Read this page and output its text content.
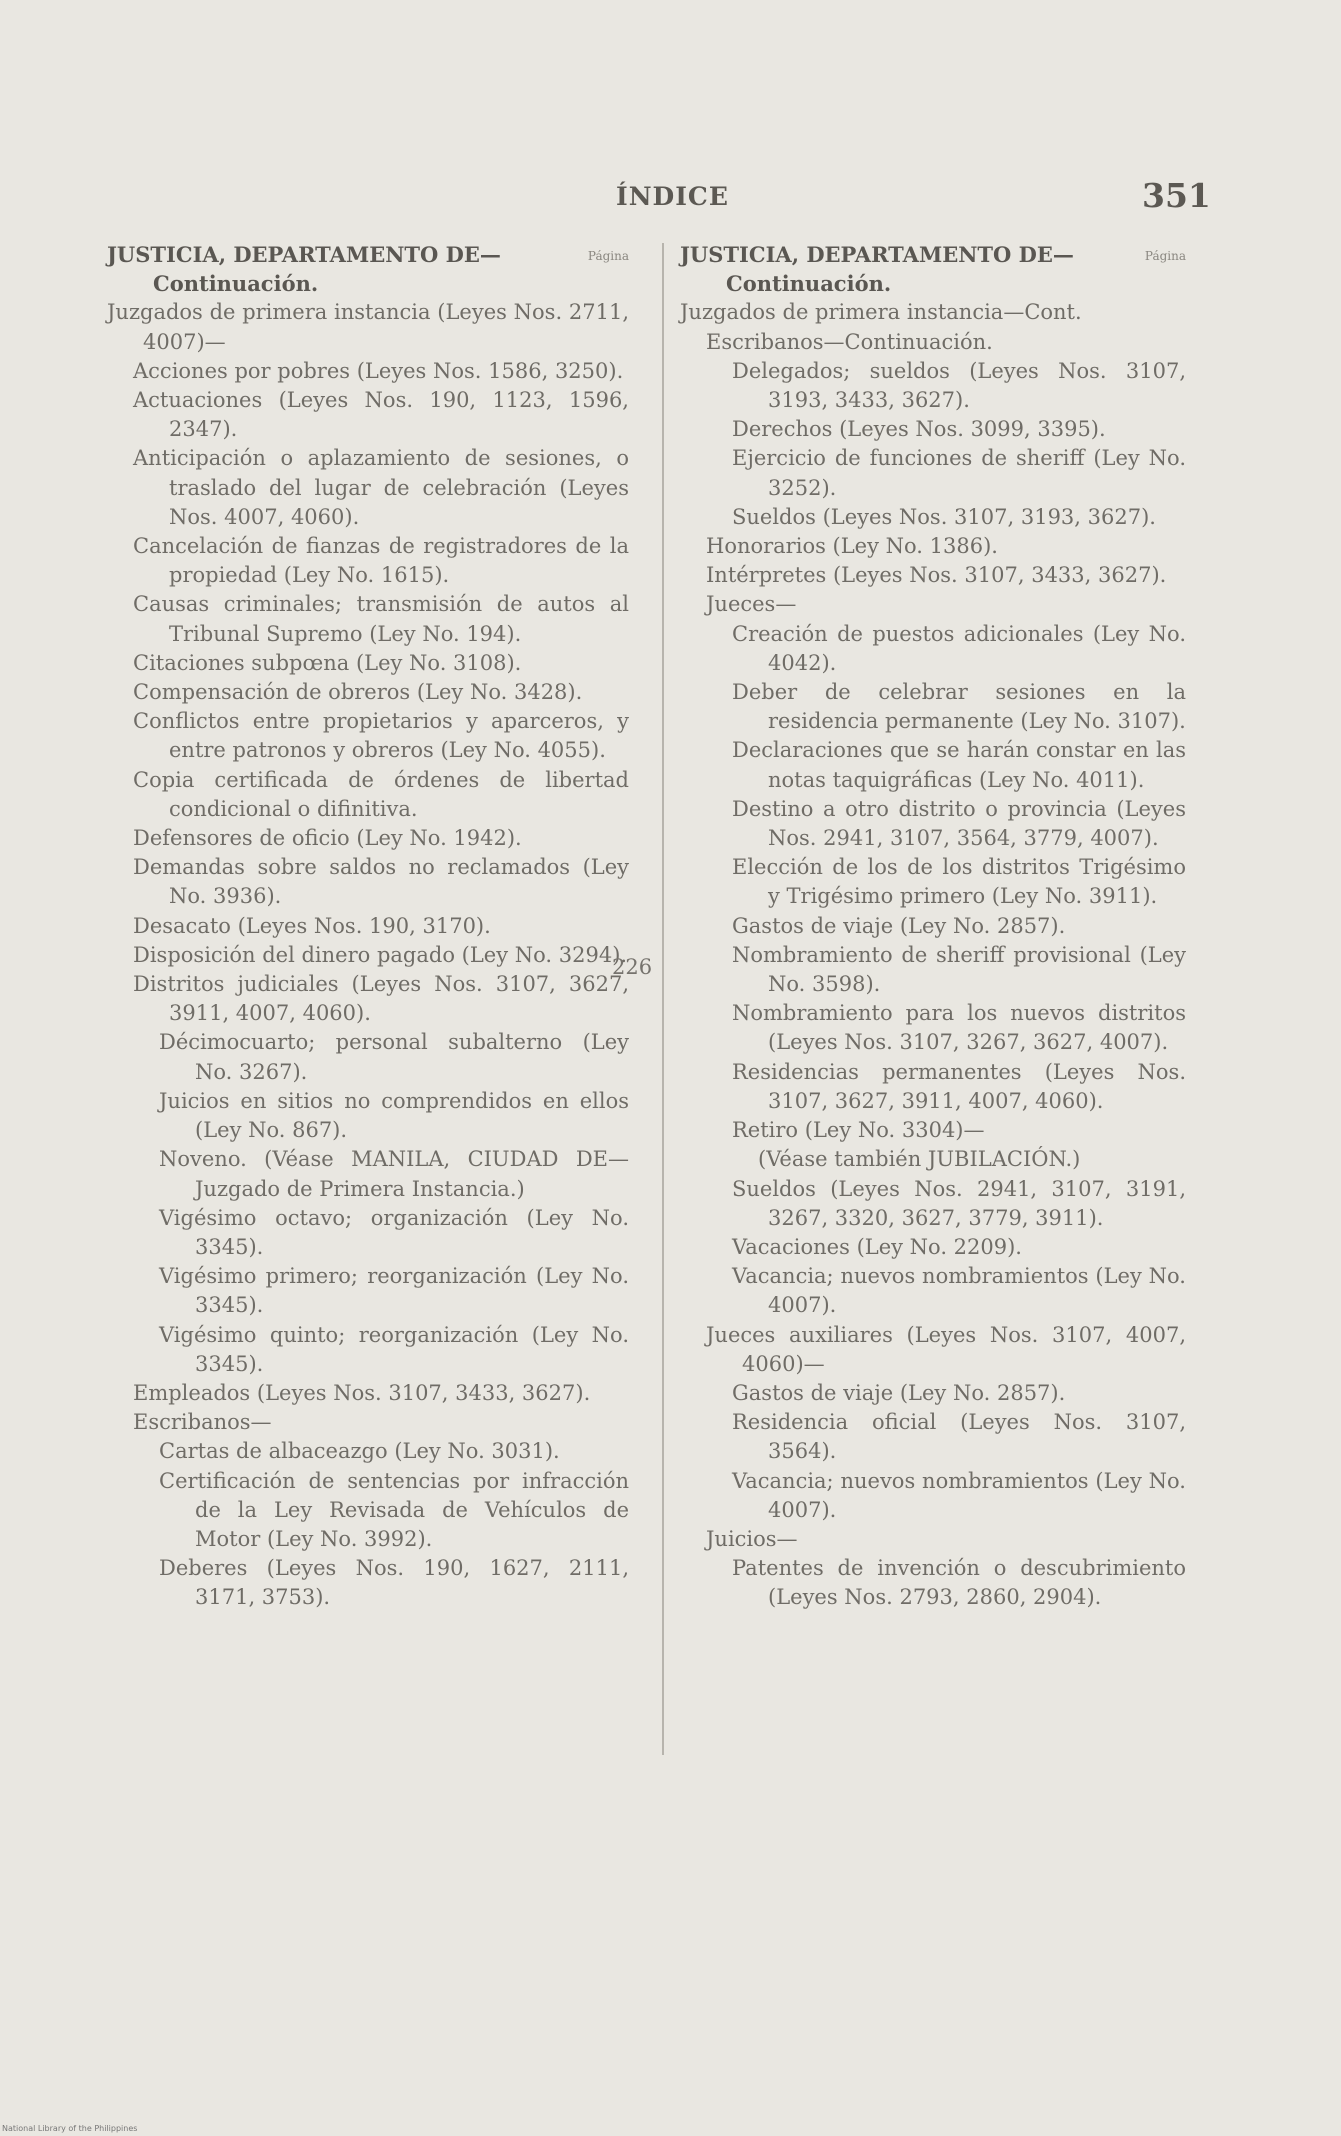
ÍNDICE	351
JUSTICIA, DEPARTAMENTO DE—	Página
Continuación.
Juzgados de primera instancia (Leyes Nos. 2711, 4007)—
Acciones por pobres (Leyes Nos. 1586, 3250).
Actuaciones (Leyes Nos. 190, 1123, 1596, 2347).
Anticipación o aplazamiento de sesiones, o traslado del lugar de celebración (Leyes Nos. 4007, 4060).
Cancelación de fianzas de registradores de la propiedad (Ley No. 1615).
Causas criminales; transmisión de autos al Tribunal Supremo (Ley No. 194).
Citaciones subpœna (Ley No. 3108).
Compensación de obreros (Ley No. 3428).
Conflictos entre propietarios y aparceros, y entre patronos y obreros (Ley No. 4055).
Copia certificada de órdenes de libertad condicional o difinitiva.
Defensores de oficio (Ley No. 1942).
Demandas sobre saldos no reclamados (Ley No. 3936).
Desacato (Leyes Nos. 190, 3170).
Disposición del dinero pagado (Ley No. 3294).
Distritos judiciales (Leyes Nos. 3107, 3627, 3911, 4007, 4060).
Décimocuarto; personal subalterno (Ley No. 3267).
Juicios en sitios no comprendidos en ellos (Ley No. 867).
Noveno. (Véase MANILA, CIUDAD DE—Juzgado de Primera Instancia.)
Vigésimo octavo; organización (Ley No. 3345).
Vigésimo primero; reorganización (Ley No. 3345).
Vigésimo quinto; reorganización (Ley No. 3345).
Empleados (Leyes Nos. 3107, 3433, 3627).
Escribanos—
Cartas de albaceazgo (Ley No. 3031).
Certificación de sentencias por infracción de la Ley Revisada de Vehículos de Motor (Ley No. 3992).
Deberes (Leyes Nos. 190, 1627, 2111, 3171, 3753).
226
JUSTICIA, DEPARTAMENTO DE—	Página
Continuación.
Juzgados de primera instancia—Cont.
Escribanos—Continuación.
Delegados; sueldos (Leyes Nos. 3107, 3193, 3433, 3627).
Derechos (Leyes Nos. 3099, 3395).
Ejercicio de funciones de sheriff (Ley No. 3252).
Sueldos (Leyes Nos. 3107, 3193, 3627).
Honorarios (Ley No. 1386).
Intérpretes (Leyes Nos. 3107, 3433, 3627).
Jueces—
Creación de puestos adicionales (Ley No. 4042).
Deber de celebrar sesiones en la residencia permanente (Ley No. 3107).
Declaraciones que se harán constar en las notas taquigráficas (Ley No. 4011).
Destino a otro distrito o provincia (Leyes Nos. 2941, 3107, 3564, 3779, 4007).
Elección de los de los distritos Trigésimo y Trigésimo primero (Ley No. 3911).
Gastos de viaje (Ley No. 2857).
Nombramiento de sheriff provisional (Ley No. 3598).
Nombramiento para los nuevos distritos (Leyes Nos. 3107, 3267, 3627, 4007).
Residencias permanentes (Leyes Nos. 3107, 3627, 3911, 4007, 4060).
Retiro (Ley No. 3304)—
(Véase también JUBILACIÓN.)
Sueldos (Leyes Nos. 2941, 3107, 3191, 3267, 3320, 3627, 3779, 3911).
Vacaciones (Ley No. 2209).
Vacancia; nuevos nombramientos (Ley No. 4007).
Jueces auxiliares (Leyes Nos. 3107, 4007, 4060)—
Gastos de viaje (Ley No. 2857).
Residencia oficial (Leyes Nos. 3107, 3564).
Vacancia; nuevos nombramientos (Ley No. 4007).
Juicios—
Patentes de invención o descubrimiento (Leyes Nos. 2793, 2860, 2904).
National Library of the Philippines
